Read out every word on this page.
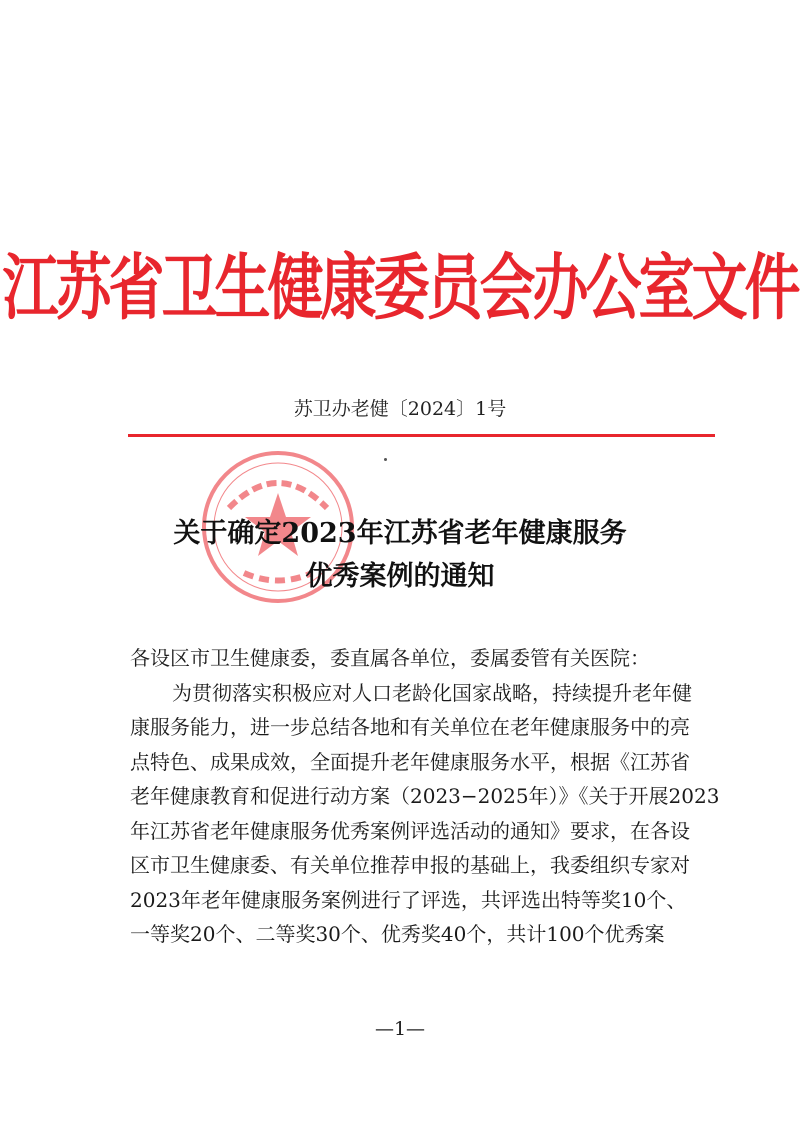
江苏省卫生健康委员会办公室文件
苏卫办老健〔2024〕1号
关于确定2023年江苏省老年健康服务
优秀案例的通知

各设区市卫生健康委，委直属各单位，委属委管有关医院：

为贯彻落实积极应对人口老龄化国家战略，持续提升老年健

康服务能力，进一步总结各地和有关单位在老年健康服务中的亮

点特色、成果成效，全面提升老年健康服务水平，根据《江苏省

老年健康教育和促进行动方案（2023−2025年）》《关于开展2023

年江苏省老年健康服务优秀案例评选活动的通知》要求，在各设

区市卫生健康委、有关单位推荐申报的基础上，我委组织专家对

2023年老年健康服务案例进行了评选，共评选出特等奖10个、

一等奖20个、二等奖30个、优秀奖40个，共计100个优秀案

—1—
